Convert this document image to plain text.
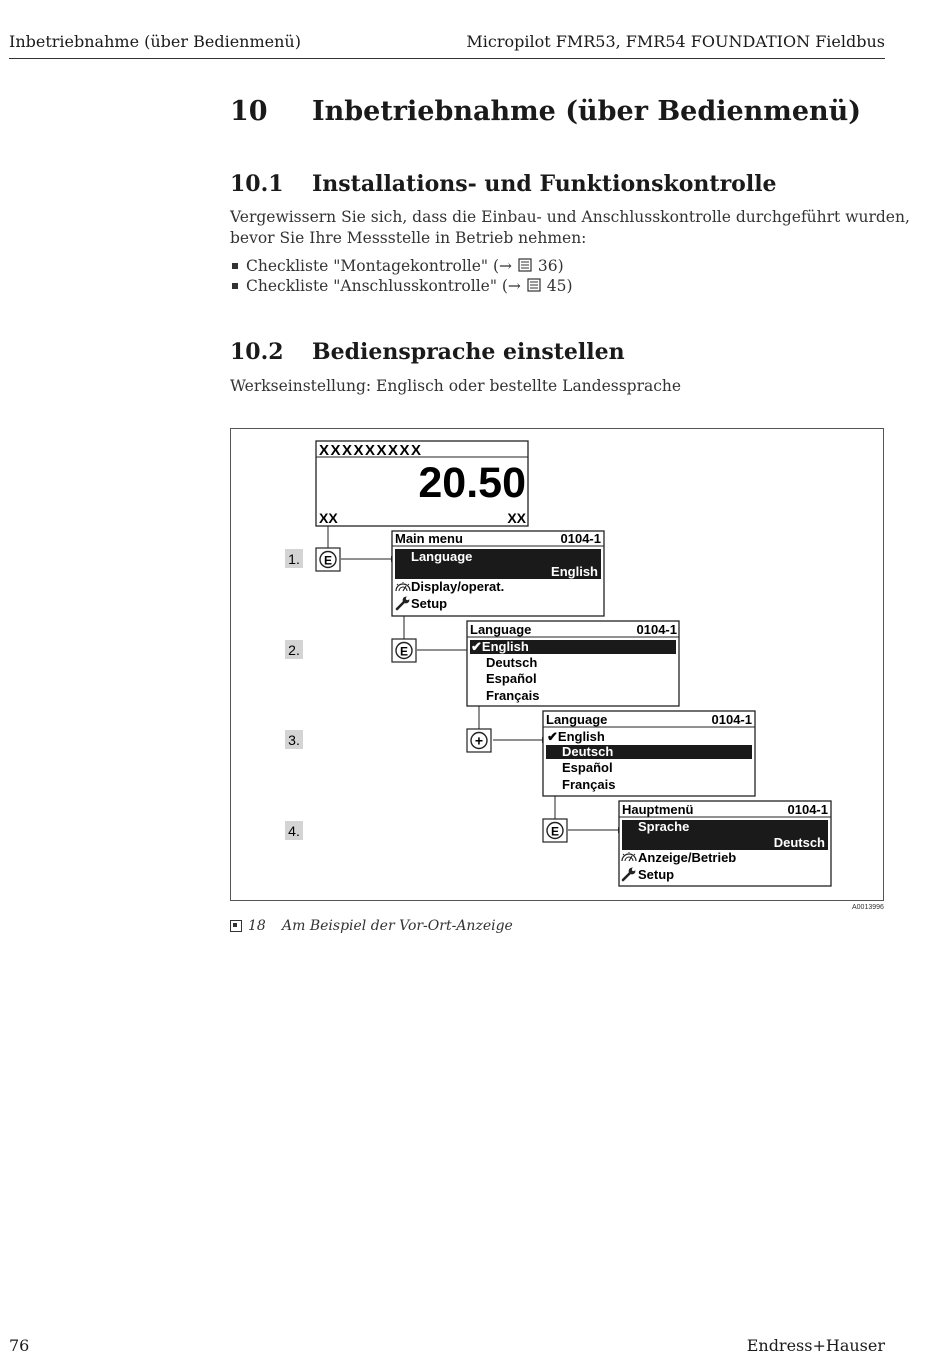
Inbetriebnahme (über Bedienmenü)	Micropilot FMR53, FMR54 FOUNDATION Fieldbus
10 Inbetriebnahme (über Bedienmenü)
10.1 Installations- und Funktionskontrolle
Vergewissern Sie sich, dass die Einbau- und Anschlusskontrolle durchgeführt wurden,
bevor Sie Ihre Messstelle in Betrieb nehmen:
Checkliste "Montagekontrolle" (→  36)
Checkliste "Anschlusskontrolle" (→  45)
10.2 Bediensprache einstellen
Werkseinstellung: Englisch oder bestellte Landessprache
XXXXXXXXX
20.50
XX	XX
1.
2.
3.
4.
E
E
+
E
Main menu	0104-1
Language
English
Display/operat.
Setup
Language	0104-1
✔English
Deutsch
Español
Français
Language	0104-1
✔English
Deutsch
Español
Français
Hauptmenü	0104-1
Sprache
Deutsch
Anzeige/Betrieb
Setup
A0013996
18 Am Beispiel der Vor-Ort-Anzeige
76	Endress+Hauser
